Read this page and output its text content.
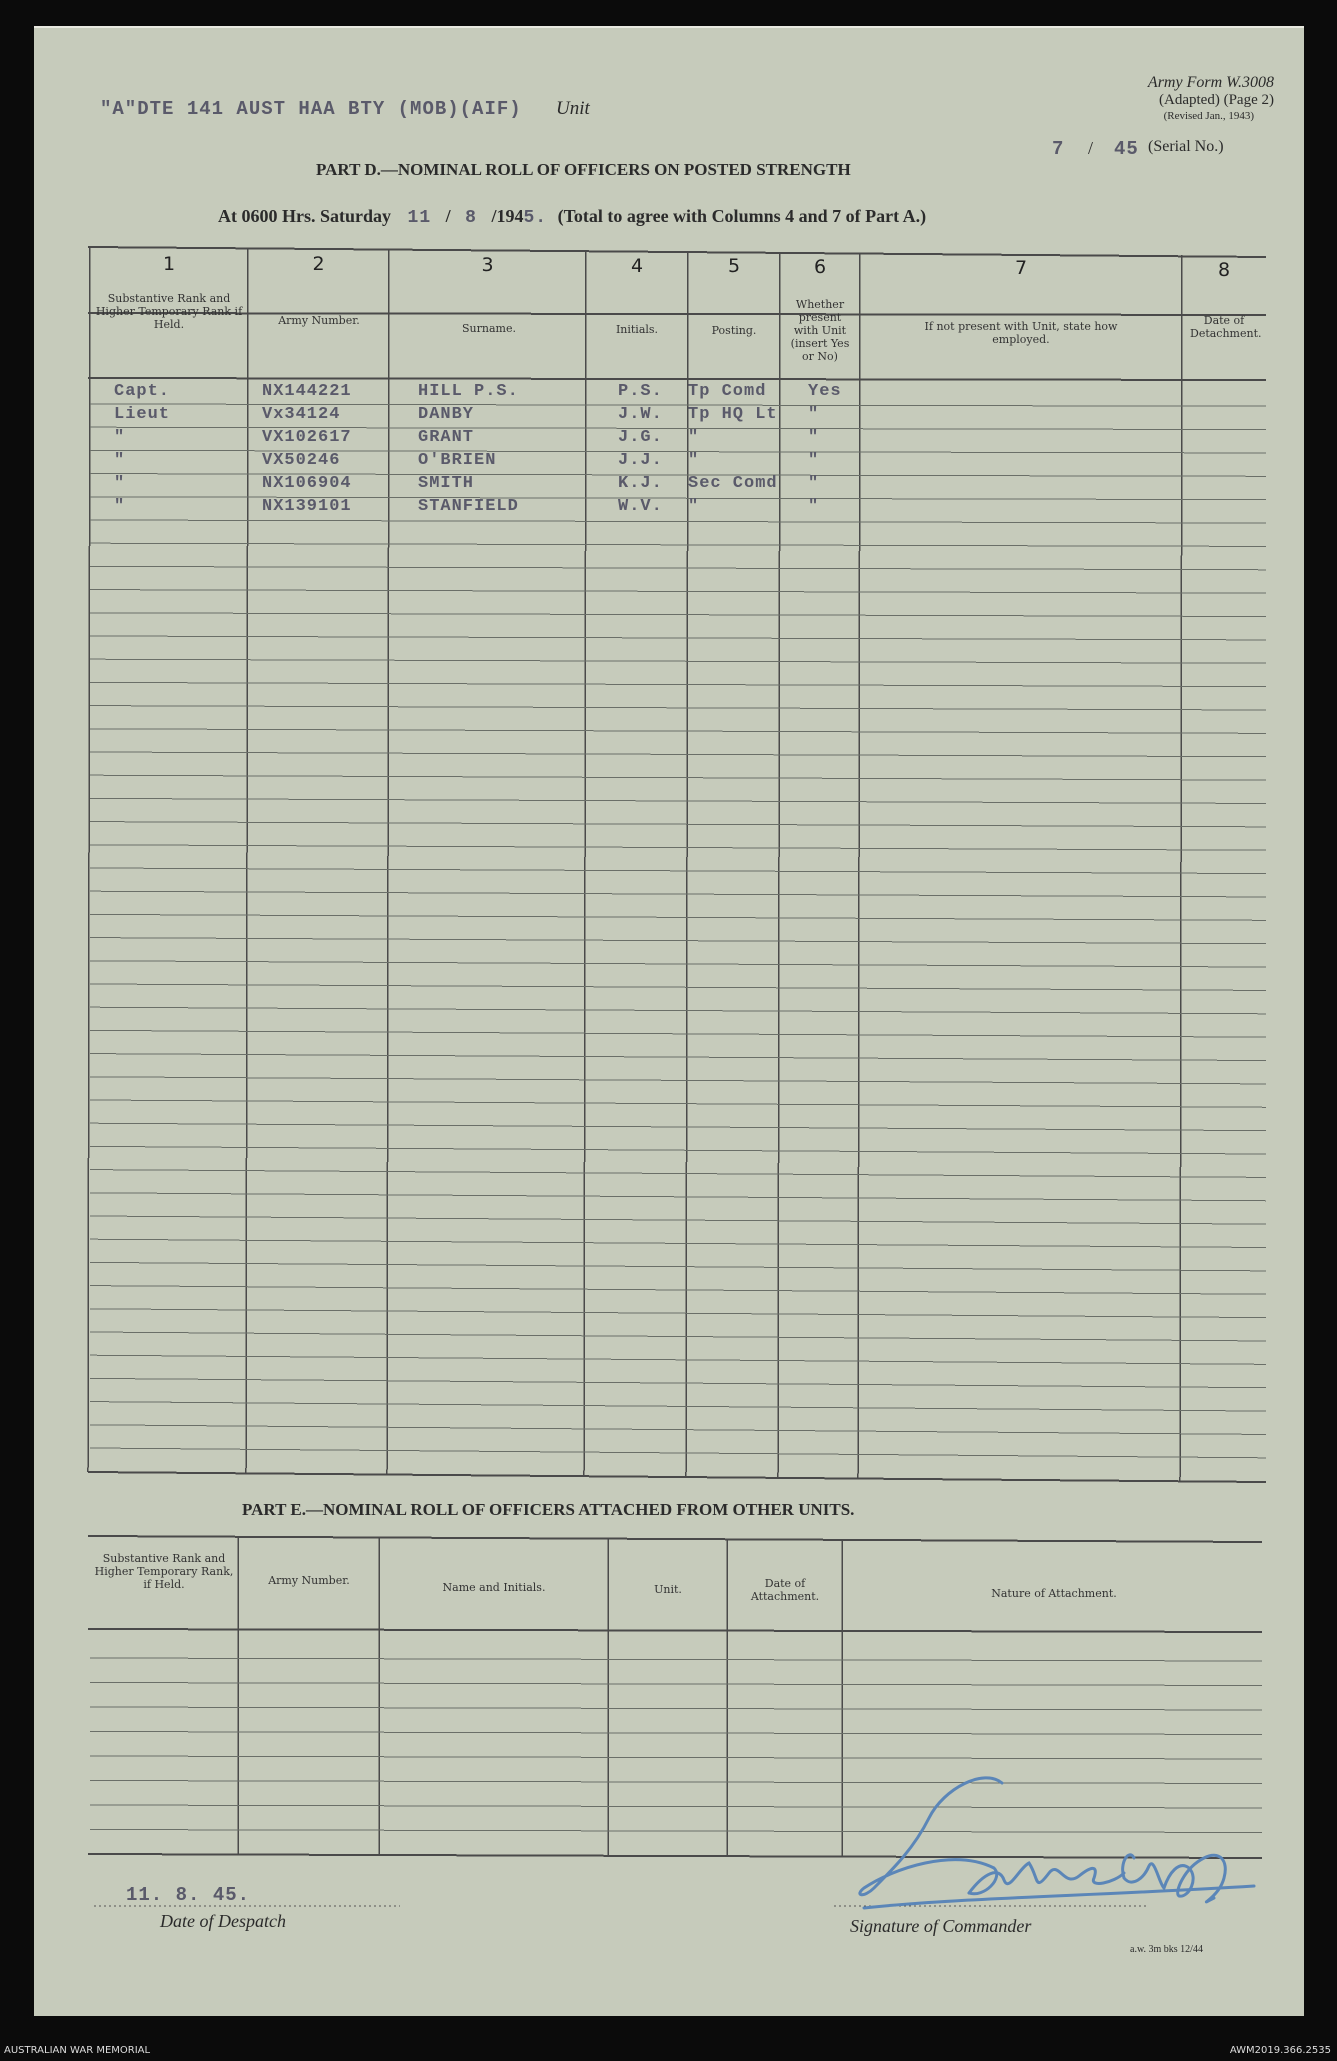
"A"DTE 141 AUST HAA BTY (MOB)(AIF) Unit
Army Form W.3008
(Adapted) (Page 2)
(Revised Jan., 1943)
7 / 45 (Serial No.)
PART D.—NOMINAL ROLL OF OFFICERS ON POSTED STRENGTH
At 0600 Hrs. Saturday 11 / 8 /1945. (Total to agree with Columns 4 and 7 of Part A.)
1	2	3	4	5	6	7	8
Substantive Rank and Higher Temporary Rank if Held.	Army Number.
Surname.	Initials.	Posting.
Whether present with Unit (insert Yes or No)
If not present with Unit, state how employed.
Date of Detachment.
Capt.	NX144221	HILL P.S.	P.S. Tp Comd Yes
Lieut	Vx34124	DANBY	J.W. Tp HQ Lt "
"	VX102617	GRANT	J.G. "	"
"	VX50246	O'BRIEN	J.J. "	"
"	NX106904	SMITH	K.J. Sec Comd "
"	NX139101	STANFIELD	W.V. "	"
PART E.—NOMINAL ROLL OF OFFICERS ATTACHED FROM OTHER UNITS.
Substantive Rank and Higher Temporary Rank, if Held.	Army Number.
Name and Initials.	Unit.	Date of Attachment.	Nature of Attachment.
11. 8. 45.
Date of Despatch	Signature of Commander
a.w. 3m bks 12/44
AUSTRALIAN WAR MEMORIAL	AWM2019.366.2535
